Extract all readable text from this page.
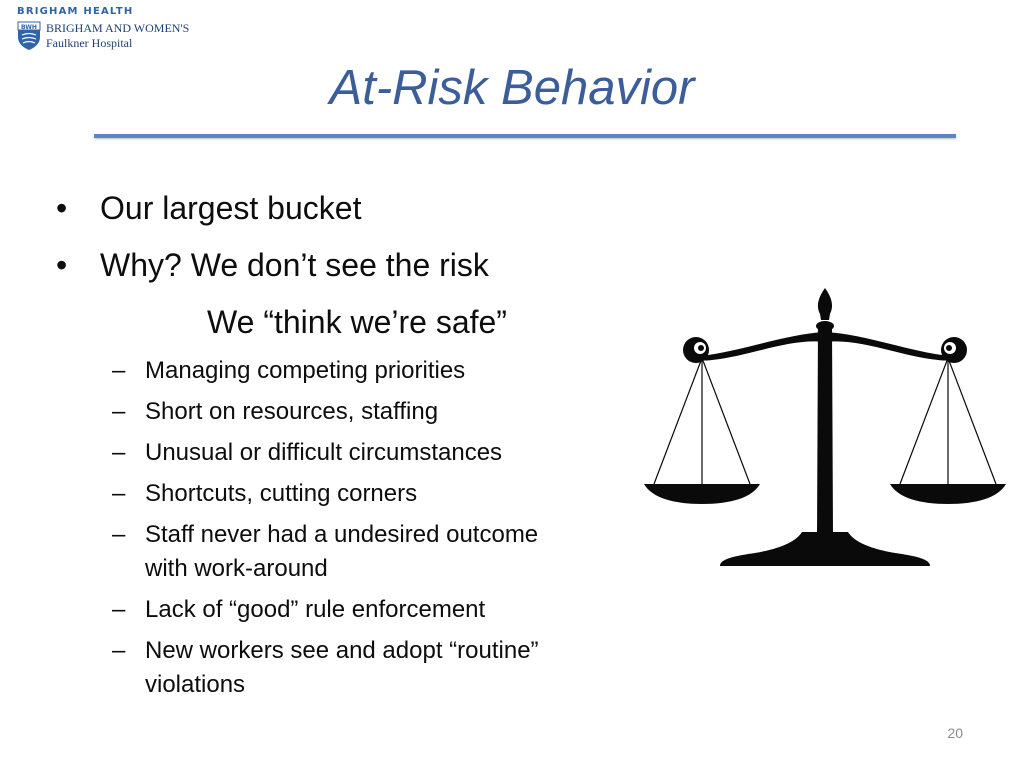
BRIGHAM HEALTH
BWH BRIGHAM AND WOMEN'S
Faulkner Hospital
At-Risk Behavior
• Our largest bucket
• Why? We don’t see the risk
We “think we’re safe”
– Managing competing priorities
– Short on resources, staffing
– Unusual or difficult circumstances
– Shortcuts, cutting corners
– Staff never had a undesired outcome
with work-around
– Lack of “good” rule enforcement
– New workers see and adopt “routine”
violations
20
